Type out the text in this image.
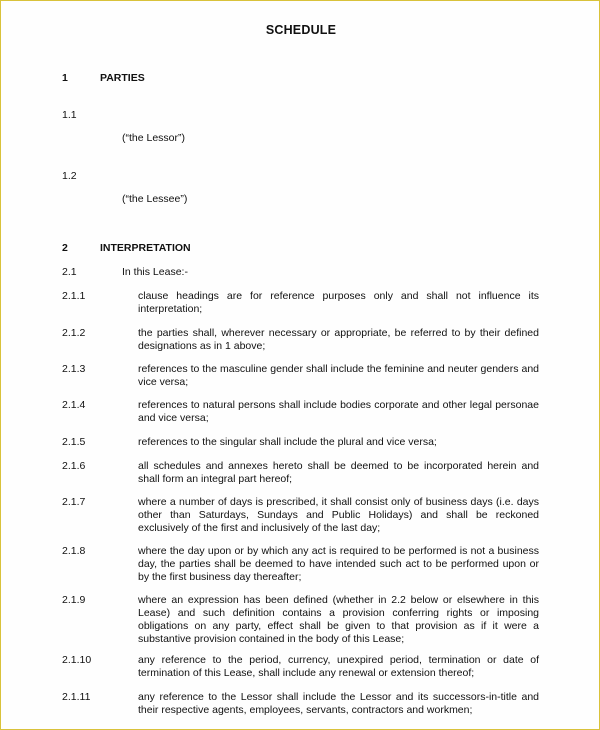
SCHEDULE
1	PARTIES
1.1
(“the Lessor”)
1.2
(“the Lessee”)
2	INTERPRETATION
2.1	In this Lease:-
2.1.1	clause headings are for reference purposes only and shall not influence its interpretation;
2.1.2	the parties shall, wherever necessary or appropriate, be referred to by their defined designations as in 1 above;
2.1.3	references to the masculine gender shall include the feminine and neuter genders and vice versa;
2.1.4	references to natural persons shall include bodies corporate and other legal personae and vice versa;
2.1.5	references to the singular shall include the plural and vice versa;
2.1.6	all schedules and annexes hereto shall be deemed to be incorporated herein and shall form an integral part hereof;
2.1.7	where a number of days is prescribed, it shall consist only of business days (i.e. days other than Saturdays, Sundays and Public Holidays) and shall be reckoned exclusively of the first and inclusively of the last day;
2.1.8	where the day upon or by which any act is required to be performed is not a business day, the parties shall be deemed to have intended such act to be performed upon or by the first business day thereafter;
2.1.9	where an expression has been defined (whether in 2.2 below or elsewhere in this Lease) and such definition contains a provision conferring rights or imposing obligations on any party, effect shall be given to that provision as if it were a substantive provision contained in the body of this Lease;
2.1.10	any reference to the period, currency, unexpired period, termination or date of termination of this Lease, shall include any renewal or extension thereof;
2.1.11	any reference to the Lessor shall include the Lessor and its successors-in-title and their respective agents, employees, servants, contractors and workmen;
